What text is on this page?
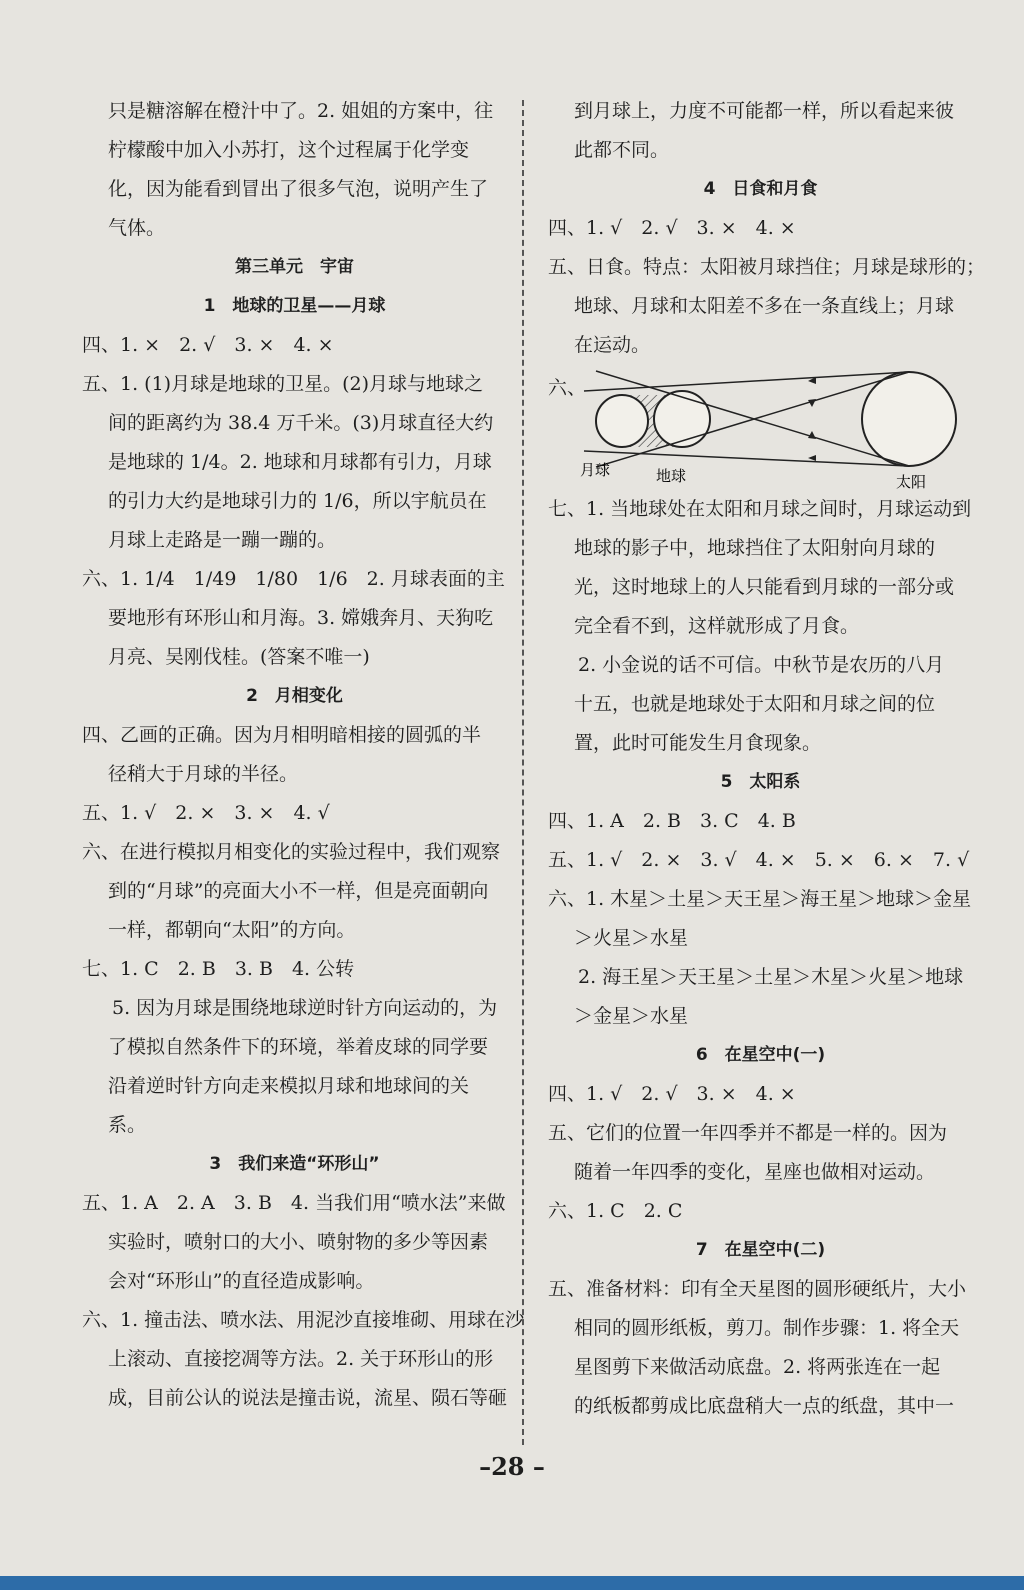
只是糖溶解在橙汁中了。2. 姐姐的方案中，往

柠檬酸中加入小苏打，这个过程属于化学变

化，因为能看到冒出了很多气泡，说明产生了

气体。

第三单元　宇宙
1　地球的卫星——月球

四、1. ×　2. √　3. ×　4. ×

五、1. (1)月球是地球的卫星。(2)月球与地球之

间的距离约为 38.4 万千米。(3)月球直径大约

是地球的 1/4。2. 地球和月球都有引力，月球

的引力大约是地球引力的 1/6，所以宇航员在

月球上走路是一蹦一蹦的。

六、1. 1/4　1/49　1/80　1/6　2. 月球表面的主

要地形有环形山和月海。3. 嫦娥奔月、天狗吃

月亮、吴刚伐桂。(答案不唯一)

2　月相变化

四、乙画的正确。因为月相明暗相接的圆弧的半

径稍大于月球的半径。

五、1. √　2. ×　3. ×　4. √

六、在进行模拟月相变化的实验过程中，我们观察

到的“月球”的亮面大小不一样，但是亮面朝向

一样，都朝向“太阳”的方向。

七、1. C　2. B　3. B　4. 公转

5. 因为月球是围绕地球逆时针方向运动的，为

了模拟自然条件下的环境，举着皮球的同学要

沿着逆时针方向走来模拟月球和地球间的关

系。

3　我们来造“环形山”

五、1. A　2. A　3. B　4. 当我们用“喷水法”来做

实验时，喷射口的大小、喷射物的多少等因素

会对“环形山”的直径造成影响。

六、1. 撞击法、喷水法、用泥沙直接堆砌、用球在沙

上滚动、直接挖凋等方法。2. 关于环形山的形

成，目前公认的说法是撞击说，流星、陨石等砸

到月球上，力度不可能都一样，所以看起来彼

此都不同。

4　日食和月食

四、1. √　2. √　3. ×　4. ×

五、日食。特点：太阳被月球挡住；月球是球形的；

地球、月球和太阳差不多在一条直线上；月球

在运动。

六、
月球	地球	太阳

七、1. 当地球处在太阳和月球之间时，月球运动到

地球的影子中，地球挡住了太阳射向月球的

光，这时地球上的人只能看到月球的一部分或

完全看不到，这样就形成了月食。

2. 小金说的话不可信。中秋节是农历的八月

十五，也就是地球处于太阳和月球之间的位

置，此时可能发生月食现象。

5　太阳系

四、1. A　2. B　3. C　4. B

五、1. √　2. ×　3. √　4. ×　5. ×　6. ×　7. √

六、1. 木星＞土星＞天王星＞海王星＞地球＞金星

＞火星＞水星

2. 海王星＞天王星＞土星＞木星＞火星＞地球

＞金星＞水星

6　在星空中(一)

四、1. √　2. √　3. ×　4. ×

五、它们的位置一年四季并不都是一样的。因为

随着一年四季的变化，星座也做相对运动。

六、1. C　2. C

7　在星空中(二)

五、准备材料：印有全天星图的圆形硬纸片，大小

相同的圆形纸板，剪刀。制作步骤：1. 将全天

星图剪下来做活动底盘。2. 将两张连在一起

的纸板都剪成比底盘稍大一点的纸盘，其中一

–28 –
